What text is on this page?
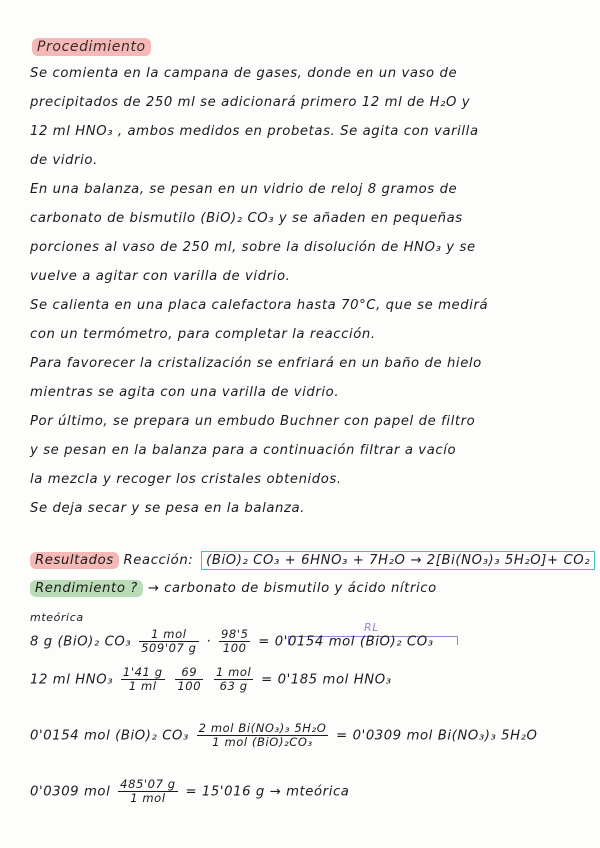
Procedimiento
Se comienta en la campana de gases, donde en un vaso de
precipitados de 250 ml se adicionará primero 12 ml de H₂O y
12 ml HNO₃ , ambos medidos en probetas. Se agita con varilla
de vidrio.
En una balanza, se pesan en un vidrio de reloj 8 gramos de
carbonato de bismutilo (BiO)₂ CO₃ y se añaden en pequeñas
porciones al vaso de 250 ml, sobre la disolución de HNO₃ y se
vuelve a agitar con varilla de vidrio.
Se calienta en una placa calefactora hasta 70°C, que se medirá
con un termómetro, para completar la reacción.
Para favorecer la cristalización se enfriará en un baño de hielo
mientras se agita con una varilla de vidrio.
Por último, se prepara un embudo Buchner con papel de filtro
y se pesan en la balanza para a continuación filtrar a vacío
la mezcla y recoger los cristales obtenidos.
Se deja secar y se pesa en la balanza.
Resultados Reacción: (BiO)₂ CO₃ + 6HNO₃ + 7H₂O → 2[Bi(NO₃)₃ 5H₂O]+ CO₂
Rendimiento ? → carbonato de bismutilo y ácido nítrico
mteórica
RL
8 g (BiO)₂ $CO_3 \frac{\text{1 mol}}{509'07 g} \cdot \frac{98'5}{100} = 0'0154$ mol (BiO)₂ CO₃
12 ml $HNO_3 \frac{1'41 g}{1 ml}$
$\frac{69}{100}$
$\frac{\text{1 mol}}{63 g} = 0'185$ mol HNO₃
0'0154 mol (BiO)₂ $CO_3 \frac{\text{2 mol Bi(NO₃)₃ 5H₂O}}{\text{1 mol (BiO)₂CO₃}} = 0'0309$ mol Bi(NO₃)₃ 5H₂O
0'0309 mol $\frac{485'07 g}{\text{1 mol}} = 15'016$ g → mteórica
